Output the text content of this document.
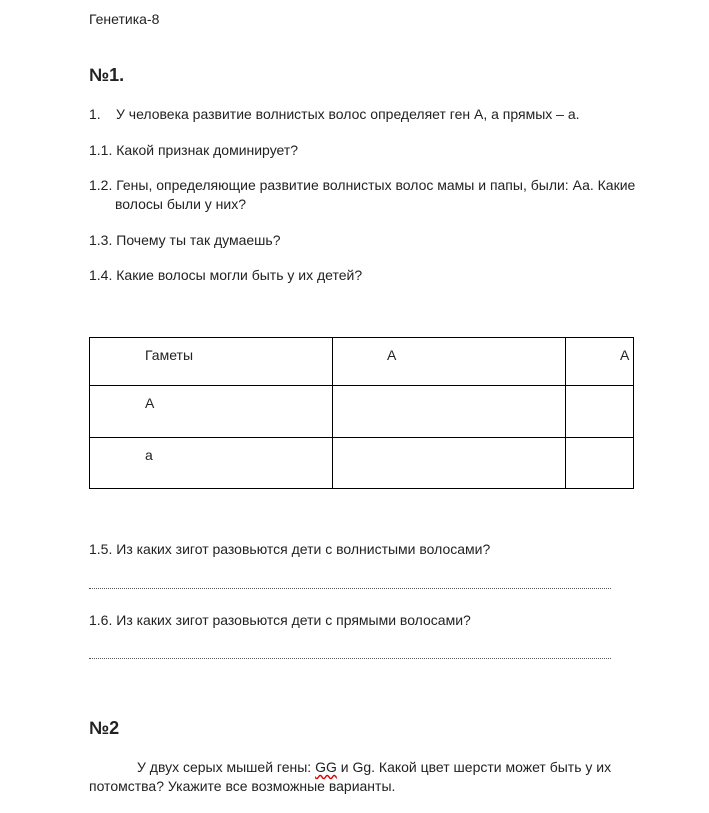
Генетика-8
№1.
1. У человека развитие волнистых волос определяет ген А, а прямых – а.
1.1. Какой признак доминирует?
1.2. Гены, определяющие развитие волнистых волос мамы и папы, были: Аа. Какие
волосы были у них?
1.3. Почему ты так думаешь?
1.4. Какие волосы могли быть у их детей?
Гаметы	А	А
А		
а		
1.5. Из каких зигот разовьются дети с волнистыми волосами?
1.6. Из каких зигот разовьются дети с прямыми волосами?
№2
У двух серых мышей гены: GG и Gg. Какой цвет шерсти может быть у их
потомства? Укажите все возможные варианты.
